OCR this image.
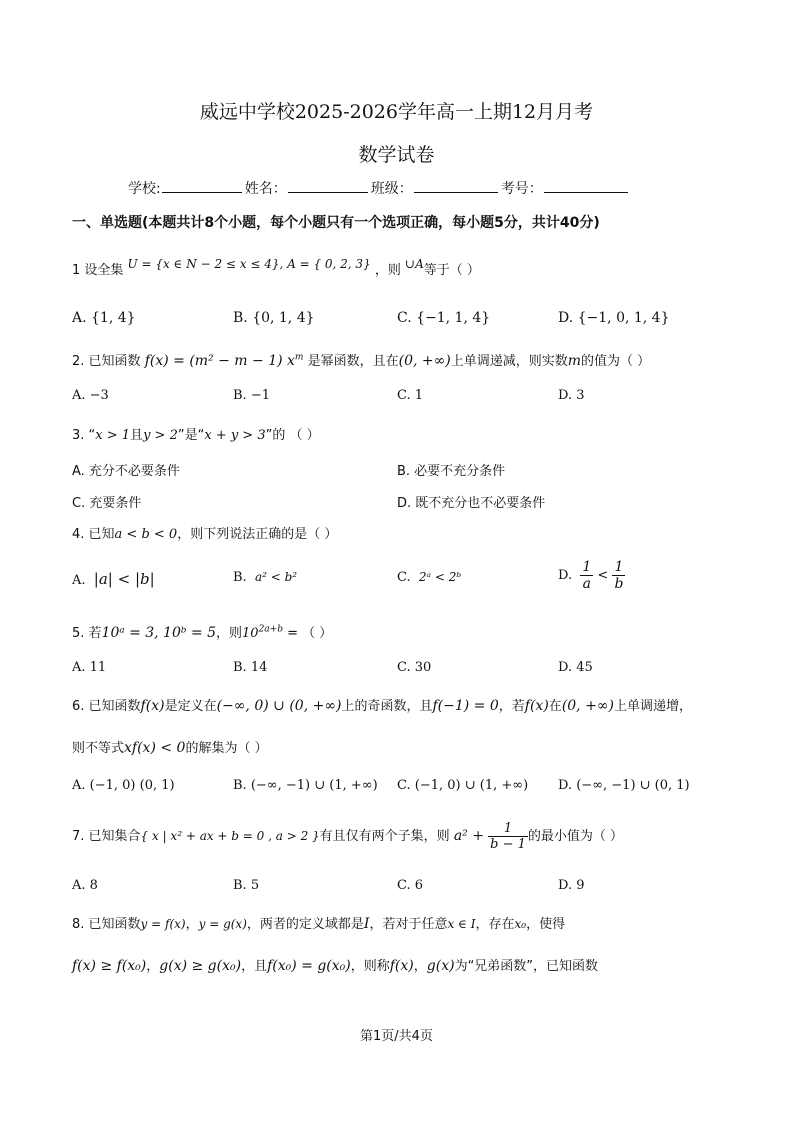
威远中学校2025-2026学年高一上期12月月考
数学试卷
学校:	姓名：	班级：	考号：
一、单选题(本题共计8个小题，每个小题只有一个选项正确，每小题5分，共计40分)
1 设全集 U = {x ∈ N − 2 ≤ x ≤ 4}, A = { 0, 2, 3} ，则 ∪A等于（ ）
A. {1, 4}	B. {0, 1, 4}	C. {−1, 1, 4}	D. {−1, 0, 1, 4}
2. 已知函数 f(x) = (m² − m − 1) $x^m$ 是幂函数，且在(0, +∞)上单调递减，则实数m的值为（ ）
A. −3	B. −1	C. 1	D. 3
3. “x > 1且y > 2”是“x + y > 3”的 （ ）
A. 充分不必要条件	B. 必要不充分条件
C. 充要条件	D. 既不充分也不必要条件
4. 已知a < b < 0，则下列说法正确的是（ ）
A. |a| < |b|	B. a² < b²	C. 2ᵃ < 2ᵇ	D. $\frac{1}{a} < \frac{1}{b}$
5. 若10ᵃ = 3, 10ᵇ = 5，则$10^{2a+b}$ = （ ）
A. 11	B. 14	C. 30	D. 45
6. 已知函数f(x)是定义在(−∞, 0) ∪ (0, +∞)上的奇函数，且f(−1) = 0，若f(x)在(0, +∞)上单调递增，
则不等式xf(x) < 0的解集为（ ）
A. (−1, 0) (0, 1)	B. (−∞, −1) ∪ (1, +∞) C. (−1, 0) ∪ (1, +∞) D. (−∞, −1) ∪ (0, 1)
7. 已知集合{ x | x² + ax + b = 0 , a > 2 }有且仅有两个子集，则 $a^2 + \frac{1}{b - 1}$ 的最小值为（ ）
A. 8	B. 5	C. 6	D. 9
8. 已知函数y = f(x)，y = g(x)，两者的定义域都是I，若对于任意x ∈ I，存在x₀，使得
f(x) ≥ f(x₀)，g(x) ≥ g(x₀)，且f(x₀) = g(x₀)，则称f(x)，g(x)为“兄弟函数”，已知函数
第1页/共4页
